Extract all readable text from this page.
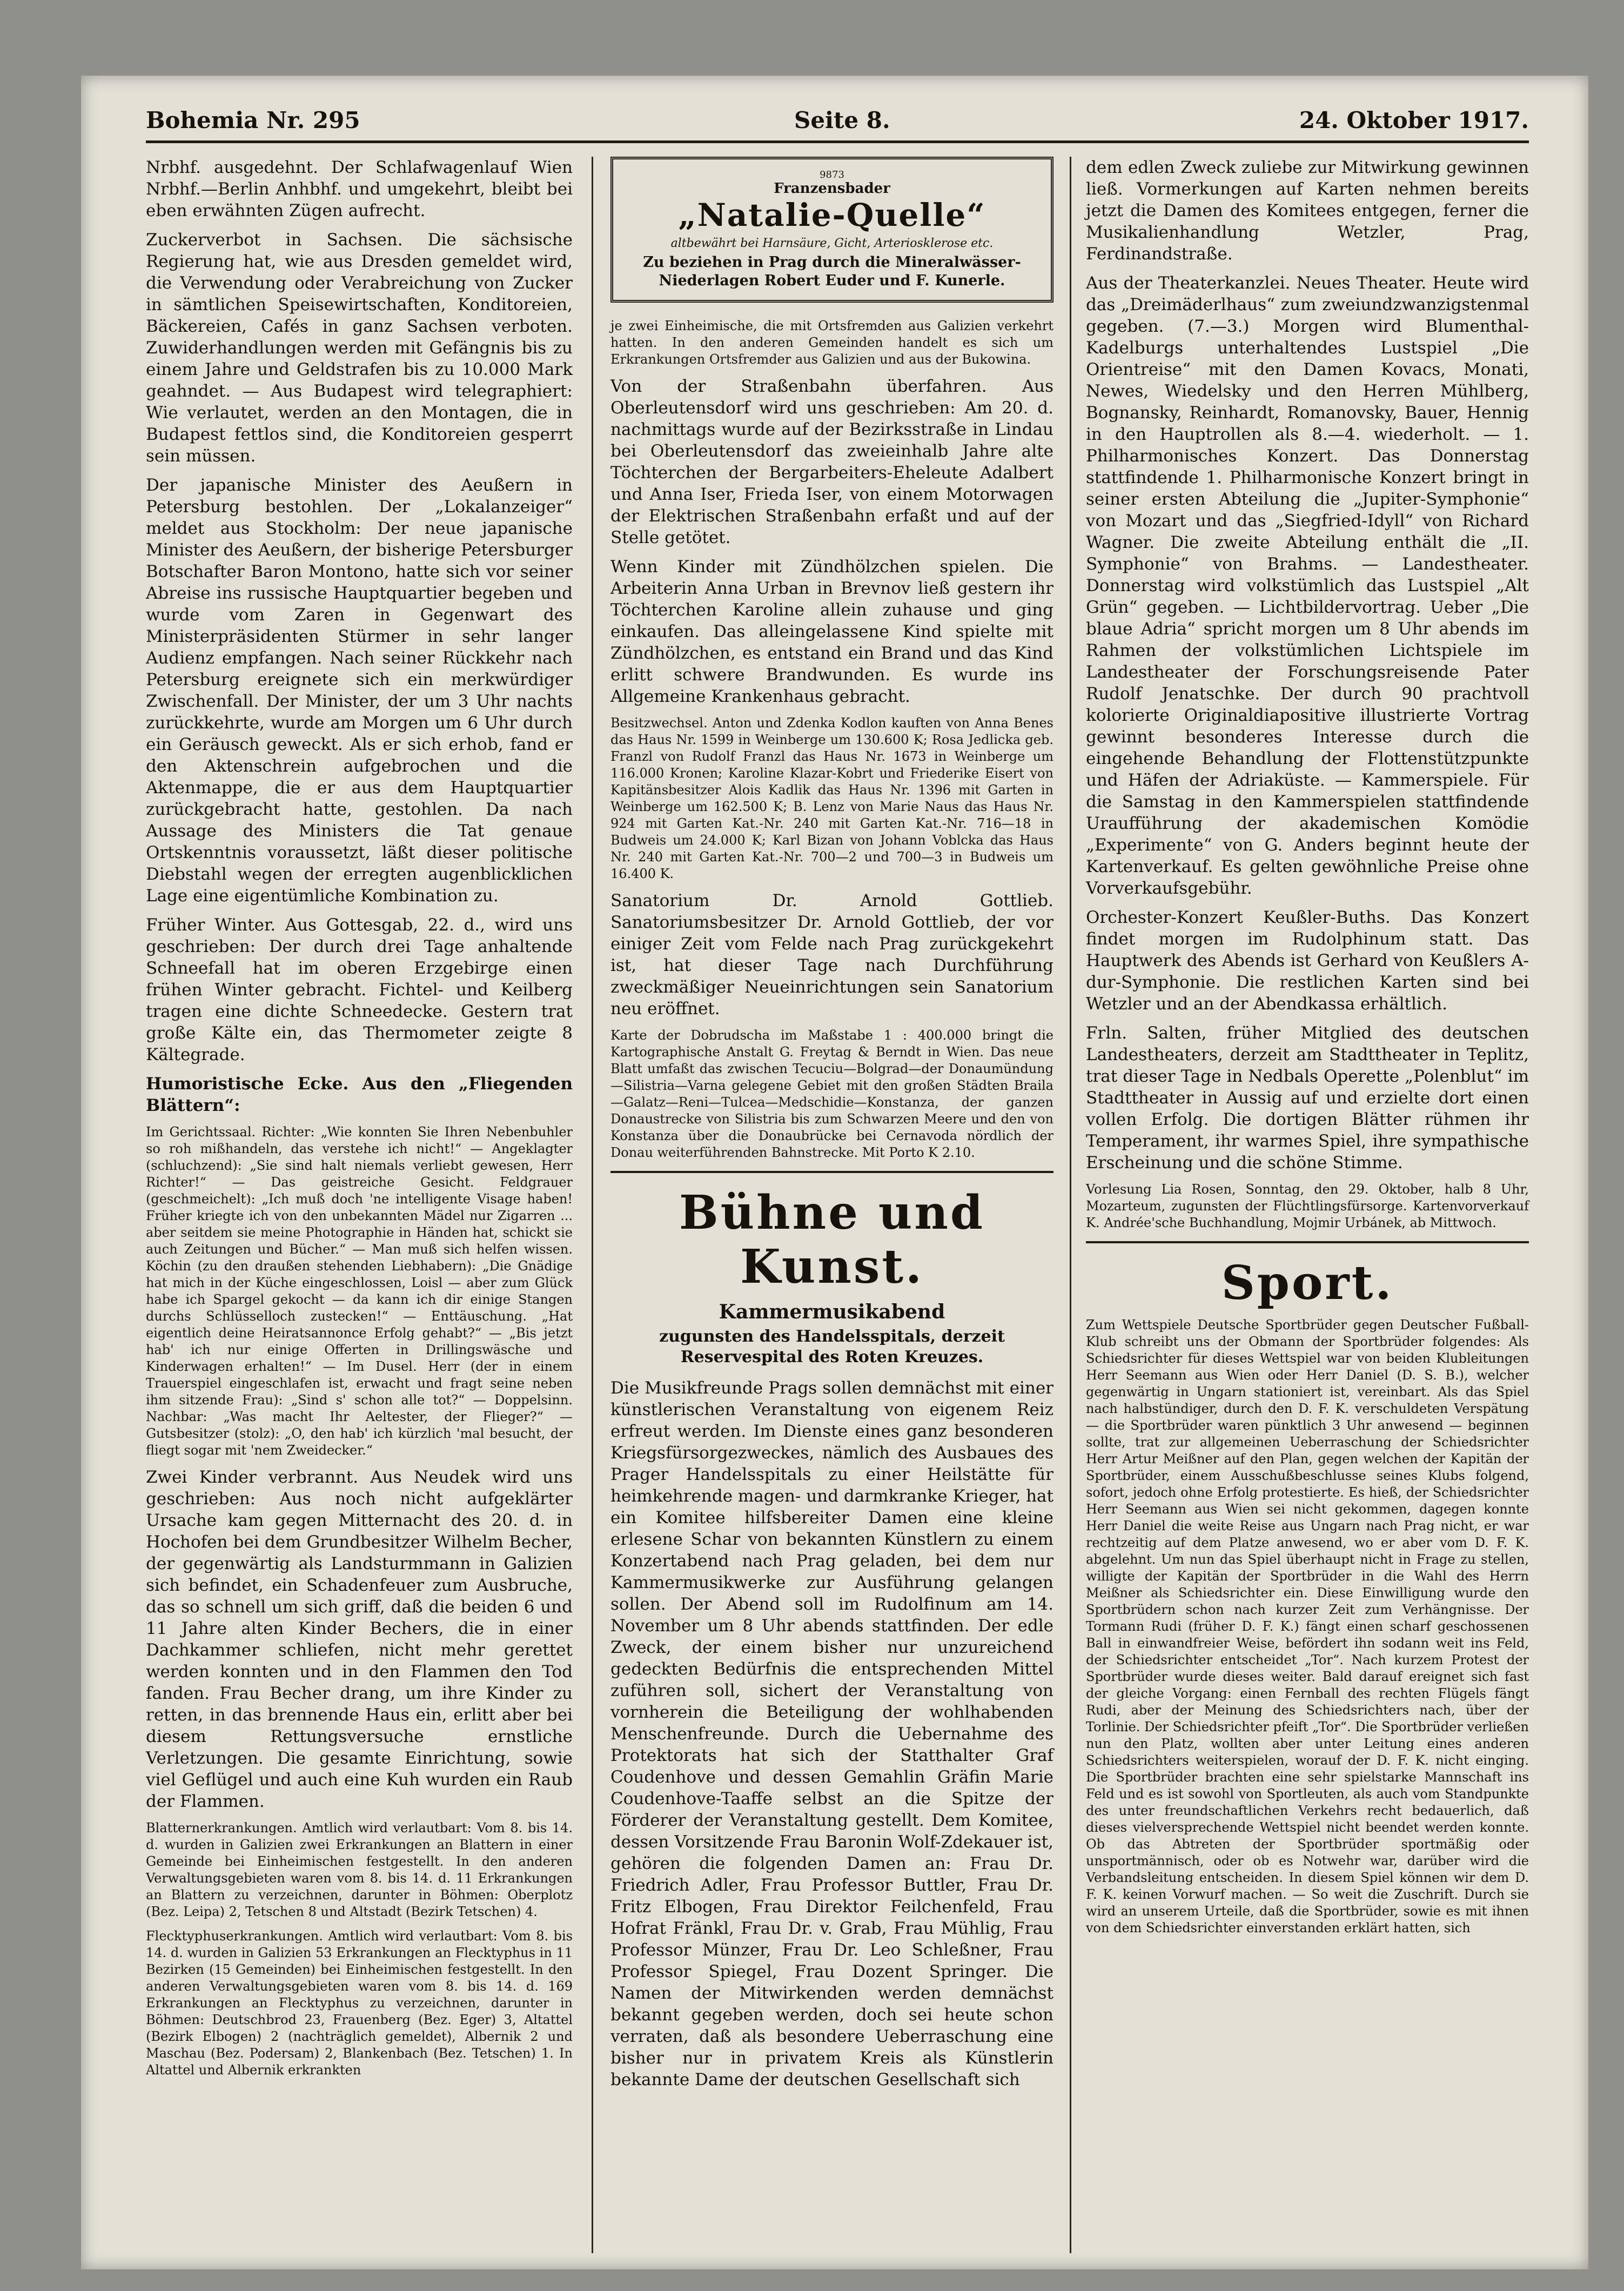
Bohemia Nr. 295	Seite 8.	24. Oktober 1917.

Nrbhf. ausgedehnt. Der Schlafwagenlauf Wien Nrbhf.—Berlin Anhbhf. und umgekehrt, bleibt bei eben erwähnten Zügen aufrecht.

Zuckerverbot in Sachsen. Die sächsische Regierung hat, wie aus Dresden gemeldet wird, die Verwendung oder Verabreichung von Zucker in sämtlichen Speisewirtschaften, Konditoreien, Bäckereien, Cafés in ganz Sachsen verboten. Zuwiderhandlungen werden mit Gefängnis bis zu einem Jahre und Geldstrafen bis zu 10.000 Mark geahndet. — Aus Budapest wird telegraphiert: Wie verlautet, werden an den Montagen, die in Budapest fettlos sind, die Konditoreien gesperrt sein müssen.

Der japanische Minister des Aeußern in Petersburg bestohlen. Der „Lokalanzeiger“ meldet aus Stockholm: Der neue japanische Minister des Aeußern, der bisherige Petersburger Botschafter Baron Montono, hatte sich vor seiner Abreise ins russische Hauptquartier begeben und wurde vom Zaren in Gegenwart des Ministerpräsidenten Stürmer in sehr langer Audienz empfangen. Nach seiner Rückkehr nach Petersburg ereignete sich ein merkwürdiger Zwischenfall. Der Minister, der um 3 Uhr nachts zurückkehrte, wurde am Morgen um 6 Uhr durch ein Geräusch geweckt. Als er sich erhob, fand er den Aktenschrein aufgebrochen und die Aktenmappe, die er aus dem Hauptquartier zurückgebracht hatte, gestohlen. Da nach Aussage des Ministers die Tat genaue Ortskenntnis voraussetzt, läßt dieser politische Diebstahl wegen der erregten augenblicklichen Lage eine eigentümliche Kombination zu.

Früher Winter. Aus Gottesgab, 22. d., wird uns geschrieben: Der durch drei Tage anhaltende Schneefall hat im oberen Erzgebirge einen frühen Winter gebracht. Fichtel- und Keilberg tragen eine dichte Schneedecke. Gestern trat große Kälte ein, das Thermometer zeigte 8 Kältegrade.

Humoristische Ecke. Aus den „Fliegenden Blättern“:

Im Gerichtssaal. Richter: „Wie konnten Sie Ihren Nebenbuhler so roh mißhandeln, das verstehe ich nicht!“ — Angeklagter (schluchzend): „Sie sind halt niemals verliebt gewesen, Herr Richter!“ — Das geistreiche Gesicht. Feldgrauer (geschmeichelt): „Ich muß doch 'ne intelligente Visage haben! Früher kriegte ich von den unbekannten Mädel nur Zigarren ... aber seitdem sie meine Photographie in Händen hat, schickt sie auch Zeitungen und Bücher.“ — Man muß sich helfen wissen. Köchin (zu den draußen stehenden Liebhabern): „Die Gnädige hat mich in der Küche eingeschlossen, Loisl — aber zum Glück habe ich Spargel gekocht — da kann ich dir einige Stangen durchs Schlüsselloch zustecken!“ — Enttäuschung. „Hat eigentlich deine Heiratsannonce Erfolg gehabt?“ — „Bis jetzt hab' ich nur einige Offerten in Drillingswäsche und Kinderwagen erhalten!“ — Im Dusel. Herr (der in einem Trauerspiel eingeschlafen ist, erwacht und fragt seine neben ihm sitzende Frau): „Sind s' schon alle tot?“ — Doppelsinn. Nachbar: „Was macht Ihr Aeltester, der Flieger?“ — Gutsbesitzer (stolz): „O, den hab' ich kürzlich 'mal besucht, der fliegt sogar mit 'nem Zweidecker.“

Zwei Kinder verbrannt. Aus Neudek wird uns geschrieben: Aus noch nicht aufgeklärter Ursache kam gegen Mitternacht des 20. d. in Hochofen bei dem Grundbesitzer Wilhelm Becher, der gegenwärtig als Landsturmmann in Galizien sich befindet, ein Schadenfeuer zum Ausbruche, das so schnell um sich griff, daß die beiden 6 und 11 Jahre alten Kinder Bechers, die in einer Dachkammer schliefen, nicht mehr gerettet werden konnten und in den Flammen den Tod fanden. Frau Becher drang, um ihre Kinder zu retten, in das brennende Haus ein, erlitt aber bei diesem Rettungsversuche ernstliche Verletzungen. Die gesamte Einrichtung, sowie viel Geflügel und auch eine Kuh wurden ein Raub der Flammen.

Blatternerkrankungen. Amtlich wird verlautbart: Vom 8. bis 14. d. wurden in Galizien zwei Erkrankungen an Blattern in einer Gemeinde bei Einheimischen festgestellt. In den anderen Verwaltungsgebieten waren vom 8. bis 14. d. 11 Erkrankungen an Blattern zu verzeichnen, darunter in Böhmen: Oberplotz (Bez. Leipa) 2, Tetschen 8 und Altstadt (Bezirk Tetschen) 4.

Flecktyphuserkrankungen. Amtlich wird verlautbart: Vom 8. bis 14. d. wurden in Galizien 53 Erkrankungen an Flecktyphus in 11 Bezirken (15 Gemeinden) bei Einheimischen festgestellt. In den anderen Verwaltungsgebieten waren vom 8. bis 14. d. 169 Erkrankungen an Flecktyphus zu verzeichnen, darunter in Böhmen: Deutschbrod 23, Frauenberg (Bez. Eger) 3, Altattel (Bezirk Elbogen) 2 (nachträglich gemeldet), Albernik 2 und Maschau (Bez. Podersam) 2, Blankenbach (Bez. Tetschen) 1. In Altattel und Albernik erkrankten

9873
Franzensbader
„Natalie-Quelle“
altbewährt bei Harnsäure, Gicht, Arteriosklerose etc.
Zu beziehen in Prag durch die Mineralwässer-Niederlagen Robert Euder und F. Kunerle.

je zwei Einheimische, die mit Ortsfremden aus Galizien verkehrt hatten. In den anderen Gemeinden handelt es sich um Erkrankungen Ortsfremder aus Galizien und aus der Bukowina.

Von der Straßenbahn überfahren. Aus Oberleutensdorf wird uns geschrieben: Am 20. d. nachmittags wurde auf der Bezirksstraße in Lindau bei Oberleutensdorf das zweieinhalb Jahre alte Töchterchen der Bergarbeiters-Eheleute Adalbert und Anna Iser, Frieda Iser, von einem Motorwagen der Elektrischen Straßenbahn erfaßt und auf der Stelle getötet.

Wenn Kinder mit Zündhölzchen spielen. Die Arbeiterin Anna Urban in Brevnov ließ gestern ihr Töchterchen Karoline allein zuhause und ging einkaufen. Das alleingelassene Kind spielte mit Zündhölzchen, es entstand ein Brand und das Kind erlitt schwere Brandwunden. Es wurde ins Allgemeine Krankenhaus gebracht.

Besitzwechsel. Anton und Zdenka Kodlon kauften von Anna Benes das Haus Nr. 1599 in Weinberge um 130.600 K; Rosa Jedlicka geb. Franzl von Rudolf Franzl das Haus Nr. 1673 in Weinberge um 116.000 Kronen; Karoline Klazar-Kobrt und Friederike Eisert von Kapitänsbesitzer Alois Kadlik das Haus Nr. 1396 mit Garten in Weinberge um 162.500 K; B. Lenz von Marie Naus das Haus Nr. 924 mit Garten Kat.-Nr. 240 mit Garten Kat.-Nr. 716—18 in Budweis um 24.000 K; Karl Bizan von Johann Voblcka das Haus Nr. 240 mit Garten Kat.-Nr. 700—2 und 700—3 in Budweis um 16.400 K.

Sanatorium Dr. Arnold Gottlieb. Sanatoriumsbesitzer Dr. Arnold Gottlieb, der vor einiger Zeit vom Felde nach Prag zurückgekehrt ist, hat dieser Tage nach Durchführung zweckmäßiger Neueinrichtungen sein Sanatorium neu eröffnet.

Karte der Dobrudscha im Maßstabe 1 : 400.000 bringt die Kartographische Anstalt G. Freytag & Berndt in Wien. Das neue Blatt umfaßt das zwischen Tecuciu—Bolgrad—der Donaumündung—Silistria—Varna gelegene Gebiet mit den großen Städten Braila—Galatz—Reni—Tulcea—Medschidie—Konstanza, der ganzen Donaustrecke von Silistria bis zum Schwarzen Meere und den von Konstanza über die Donaubrücke bei Cernavoda nördlich der Donau weiterführenden Bahnstrecke. Mit Porto K 2.10.

Bühne und Kunst.
Kammermusikabend
zugunsten des Handelsspitals, derzeit Reservespital des Roten Kreuzes.

Die Musikfreunde Prags sollen demnächst mit einer künstlerischen Veranstaltung von eigenem Reiz erfreut werden. Im Dienste eines ganz besonderen Kriegsfürsorgezweckes, nämlich des Ausbaues des Prager Handelsspitals zu einer Heilstätte für heimkehrende magen- und darmkranke Krieger, hat ein Komitee hilfsbereiter Damen eine kleine erlesene Schar von bekannten Künstlern zu einem Konzertabend nach Prag geladen, bei dem nur Kammermusikwerke zur Ausführung gelangen sollen. Der Abend soll im Rudolfinum am 14. November um 8 Uhr abends stattfinden. Der edle Zweck, der einem bisher nur unzureichend gedeckten Bedürfnis die entsprechenden Mittel zuführen soll, sichert der Veranstaltung von vornherein die Beteiligung der wohlhabenden Menschenfreunde. Durch die Uebernahme des Protektorats hat sich der Statthalter Graf Coudenhove und dessen Gemahlin Gräfin Marie Coudenhove-Taaffe selbst an die Spitze der Förderer der Veranstaltung gestellt. Dem Komitee, dessen Vorsitzende Frau Baronin Wolf-Zdekauer ist, gehören die folgenden Damen an: Frau Dr. Friedrich Adler, Frau Professor Buttler, Frau Dr. Fritz Elbogen, Frau Direktor Feilchenfeld, Frau Hofrat Fränkl, Frau Dr. v. Grab, Frau Mühlig, Frau Professor Münzer, Frau Dr. Leo Schleßner, Frau Professor Spiegel, Frau Dozent Springer. Die Namen der Mitwirkenden werden demnächst bekannt gegeben werden, doch sei heute schon verraten, daß als besondere Ueberraschung eine bisher nur in privatem Kreis als Künstlerin bekannte Dame der deutschen Gesellschaft sich

dem edlen Zweck zuliebe zur Mitwirkung gewinnen ließ. Vormerkungen auf Karten nehmen bereits jetzt die Damen des Komitees entgegen, ferner die Musikalienhandlung Wetzler, Prag, Ferdinandstraße.

Aus der Theaterkanzlei. Neues Theater. Heute wird das „Dreimäderlhaus“ zum zweiundzwanzigstenmal gegeben. (7.—3.) Morgen wird Blumenthal-Kadelburgs unterhaltendes Lustspiel „Die Orientreise“ mit den Damen Kovacs, Monati, Newes, Wiedelsky und den Herren Mühlberg, Bognansky, Reinhardt, Romanovsky, Bauer, Hennig in den Hauptrollen als 8.—4. wiederholt. — 1. Philharmonisches Konzert. Das Donnerstag stattfindende 1. Philharmonische Konzert bringt in seiner ersten Abteilung die „Jupiter-Symphonie“ von Mozart und das „Siegfried-Idyll“ von Richard Wagner. Die zweite Abteilung enthält die „II. Symphonie“ von Brahms. — Landestheater. Donnerstag wird volkstümlich das Lustspiel „Alt Grün“ gegeben. — Lichtbildervortrag. Ueber „Die blaue Adria“ spricht morgen um 8 Uhr abends im Rahmen der volkstümlichen Lichtspiele im Landestheater der Forschungsreisende Pater Rudolf Jenatschke. Der durch 90 prachtvoll kolorierte Originaldiapositive illustrierte Vortrag gewinnt besonderes Interesse durch die eingehende Behandlung der Flottenstützpunkte und Häfen der Adriaküste. — Kammerspiele. Für die Samstag in den Kammerspielen stattfindende Uraufführung der akademischen Komödie „Experimente“ von G. Anders beginnt heute der Kartenverkauf. Es gelten gewöhnliche Preise ohne Vorverkaufsgebühr.

Orchester-Konzert Keußler-Buths. Das Konzert findet morgen im Rudolphinum statt. Das Hauptwerk des Abends ist Gerhard von Keußlers A-dur-Symphonie. Die restlichen Karten sind bei Wetzler und an der Abendkassa erhältlich.

Frln. Salten, früher Mitglied des deutschen Landestheaters, derzeit am Stadttheater in Teplitz, trat dieser Tage in Nedbals Operette „Polenblut“ im Stadttheater in Aussig auf und erzielte dort einen vollen Erfolg. Die dortigen Blätter rühmen ihr Temperament, ihr warmes Spiel, ihre sympathische Erscheinung und die schöne Stimme.

Vorlesung Lia Rosen, Sonntag, den 29. Oktober, halb 8 Uhr, Mozarteum, zugunsten der Flüchtlingsfürsorge. Kartenvorverkauf K. Andrée'sche Buchhandlung, Mojmir Urbánek, ab Mittwoch.

Sport.

Zum Wettspiele Deutsche Sportbrüder gegen Deutscher Fußball-Klub schreibt uns der Obmann der Sportbrüder folgendes: Als Schiedsrichter für dieses Wettspiel war von beiden Klubleitungen Herr Seemann aus Wien oder Herr Daniel (D. S. B.), welcher gegenwärtig in Ungarn stationiert ist, vereinbart. Als das Spiel nach halbstündiger, durch den D. F. K. verschuldeten Verspätung — die Sportbrüder waren pünktlich 3 Uhr anwesend — beginnen sollte, trat zur allgemeinen Ueberraschung der Schiedsrichter Herr Artur Meißner auf den Plan, gegen welchen der Kapitän der Sportbrüder, einem Ausschußbeschlusse seines Klubs folgend, sofort, jedoch ohne Erfolg protestierte. Es hieß, der Schiedsrichter Herr Seemann aus Wien sei nicht gekommen, dagegen konnte Herr Daniel die weite Reise aus Ungarn nach Prag nicht, er war rechtzeitig auf dem Platze anwesend, wo er aber vom D. F. K. abgelehnt. Um nun das Spiel überhaupt nicht in Frage zu stellen, willigte der Kapitän der Sportbrüder in die Wahl des Herrn Meißner als Schiedsrichter ein. Diese Einwilligung wurde den Sportbrüdern schon nach kurzer Zeit zum Verhängnisse. Der Tormann Rudi (früher D. F. K.) fängt einen scharf geschossenen Ball in einwandfreier Weise, befördert ihn sodann weit ins Feld, der Schiedsrichter entscheidet „Tor“. Nach kurzem Protest der Sportbrüder wurde dieses weiter. Bald darauf ereignet sich fast der gleiche Vorgang: einen Fernball des rechten Flügels fängt Rudi, aber der Meinung des Schiedsrichters nach, über der Torlinie. Der Schiedsrichter pfeift „Tor“. Die Sportbrüder verließen nun den Platz, wollten aber unter Leitung eines anderen Schiedsrichters weiterspielen, worauf der D. F. K. nicht einging. Die Sportbrüder brachten eine sehr spielstarke Mannschaft ins Feld und es ist sowohl von Sportleuten, als auch vom Standpunkte des unter freundschaftlichen Verkehrs recht bedauerlich, daß dieses vielversprechende Wettspiel nicht beendet werden konnte. Ob das Abtreten der Sportbrüder sportmäßig oder unsportmännisch, oder ob es Notwehr war, darüber wird die Verbandsleitung entscheiden. In diesem Spiel können wir dem D. F. K. keinen Vorwurf machen. — So weit die Zuschrift. Durch sie wird an unserem Urteile, daß die Sportbrüder, sowie es mit ihnen von dem Schiedsrichter einverstanden erklärt hatten, sich
